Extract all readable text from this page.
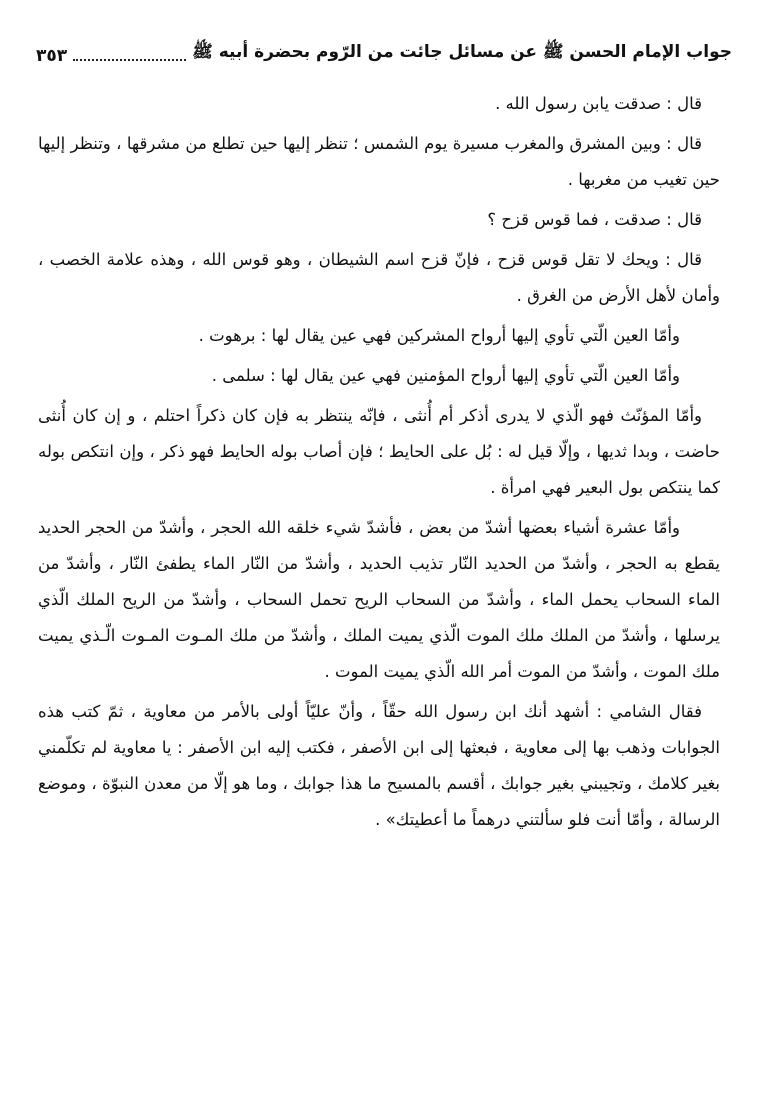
جواب الإمام الحسن ﷺ عن مسائل جائت من الرّوم بحضرة أبيه ﷺ
٣٥٣

قال : صدقت يابن رسول الله .

قال : وبين المشرق والمغرب مسيرة يوم الشمس ؛ تنظر إليها حين تطلع من مشرقها ، وتنظر إليها حين تغيب من مغربها .

قال : صدقت ، فما قوس قزح ؟

قال : ويحك لا تقل قوس قزح ، فإنّ قزح اسم الشيطان ، وهو قوس الله ، وهذه علامة الخصب ، وأمان لأهل الأرض من الغرق .

وأمّا العين الّتي تأوي إليها أرواح المشركين فهي عين يقال لها : برهوت .

وأمّا العين الّتي تأوي إليها أرواح المؤمنين فهي عين يقال لها : سلمى .

وأمّا المؤنّث فهو الّذي لا يدرى أذكر أم أُنثى ، فإنّه ينتظر به فإن كان ذكراً احتلم ، و إن كان أُنثى حاضت ، وبدا ثديها ، وإلّا قيل له : بُل على الحايط ؛ فإن أصاب بوله الحايط فهو ذكر ، وإن انتكص بوله كما ينتكص بول البعير فهي امرأة .

وأمّا عشرة أشياء بعضها أشدّ من بعض ، فأشدّ شيء خلقه الله الحجر ، وأشدّ من الحجر الحديد يقطع به الحجر ، وأشدّ من الحديد النّار تذيب الحديد ، وأشدّ من النّار الماء يطفئ النّار ، وأشدّ من الماء السحاب يحمل الماء ، وأشدّ من السحاب الريح تحمل السحاب ، وأشدّ من الريح الملك الّذي يرسلها ، وأشدّ من الملك ملك الموت الّذي يميت الملك ، وأشدّ من ملك المـوت المـوت الّـذي يميت ملك الموت ، وأشدّ من الموت أمر الله الّذي يميت الموت .

فقال الشامي : أشهد أنك ابن رسول الله حقّاً ، وأنّ عليّاً أولى بالأمر من معاوية ، ثمّ كتب هذه الجوابات وذهب بها إلى معاوية ، فبعثها إلى ابن الأصفر ، فكتب إليه ابن الأصفر : يا معاوية لم تكلّمني بغير كلامك ، وتجيبني بغير جوابك ، أقسم بالمسيح ما هذا جوابك ، وما هو إلّا من معدن النبوّة ، وموضع الرسالة ، وأمّا أنت فلو سألتني درهماً ما أعطيتك» .
